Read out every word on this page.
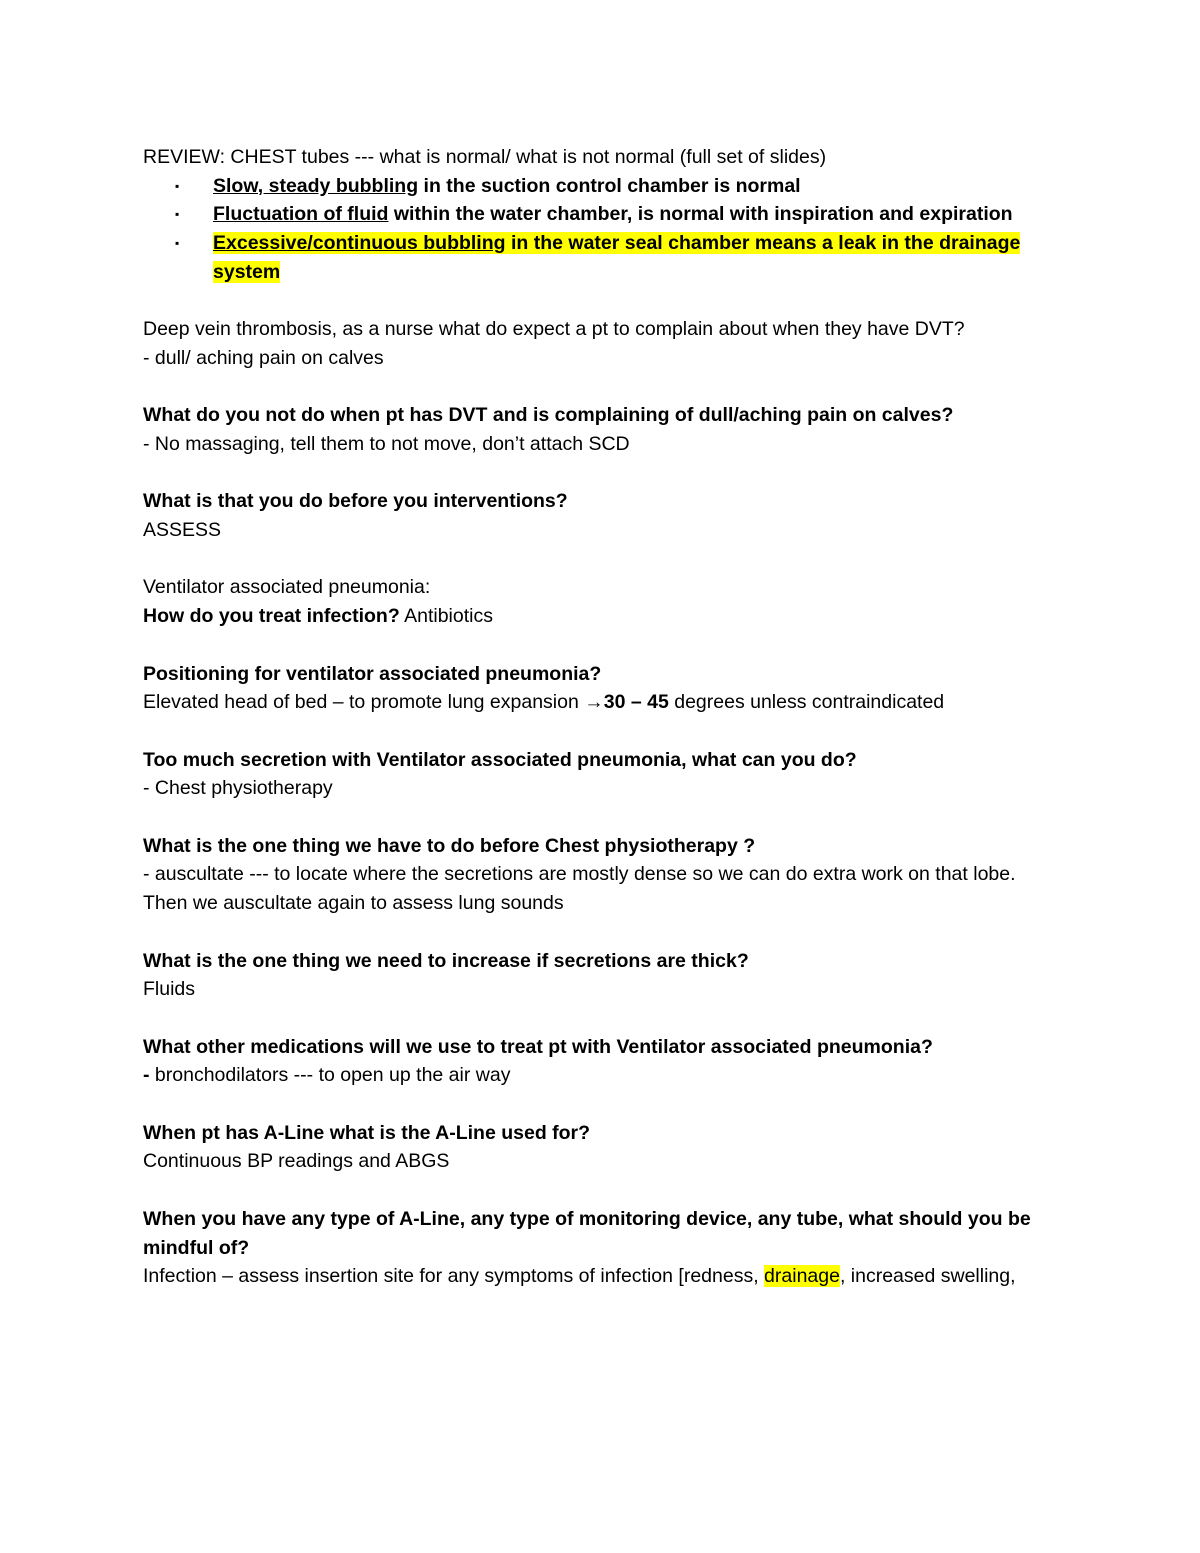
REVIEW: CHEST tubes --- what is normal/ what is not normal (full set of slides)

▪ Slow, steady bubbling in the suction control chamber is normal
▪ Fluctuation of fluid within the water chamber, is normal with inspiration and expiration
▪ Excessive/continuous bubbling in the water seal chamber means a leak in the drainage system

Deep vein thrombosis, as a nurse what do expect a pt to complain about when they have DVT?

- dull/ aching pain on calves

What do you not do when pt has DVT and is complaining of dull/aching pain on calves?

- No massaging, tell them to not move, don’t attach SCD

What is that you do before you interventions?

ASSESS

Ventilator associated pneumonia:

How do you treat infection? Antibiotics

Positioning for ventilator associated pneumonia?

Elevated head of bed – to promote lung expansion →30 – 45 degrees unless contraindicated

Too much secretion with Ventilator associated pneumonia, what can you do?

- Chest physiotherapy

What is the one thing we have to do before Chest physiotherapy ?

- auscultate --- to locate where the secretions are mostly dense so we can do extra work on that lobe.

Then we auscultate again to assess lung sounds

What is the one thing we need to increase if secretions are thick?

Fluids

What other medications will we use to treat pt with Ventilator associated pneumonia?

- bronchodilators --- to open up the air way

When pt has A-Line what is the A-Line used for?

Continuous BP readings and ABGS

When you have any type of A-Line, any type of monitoring device, any tube, what should you be mindful of?

Infection – assess insertion site for any symptoms of infection [redness, drainage, increased swelling,
